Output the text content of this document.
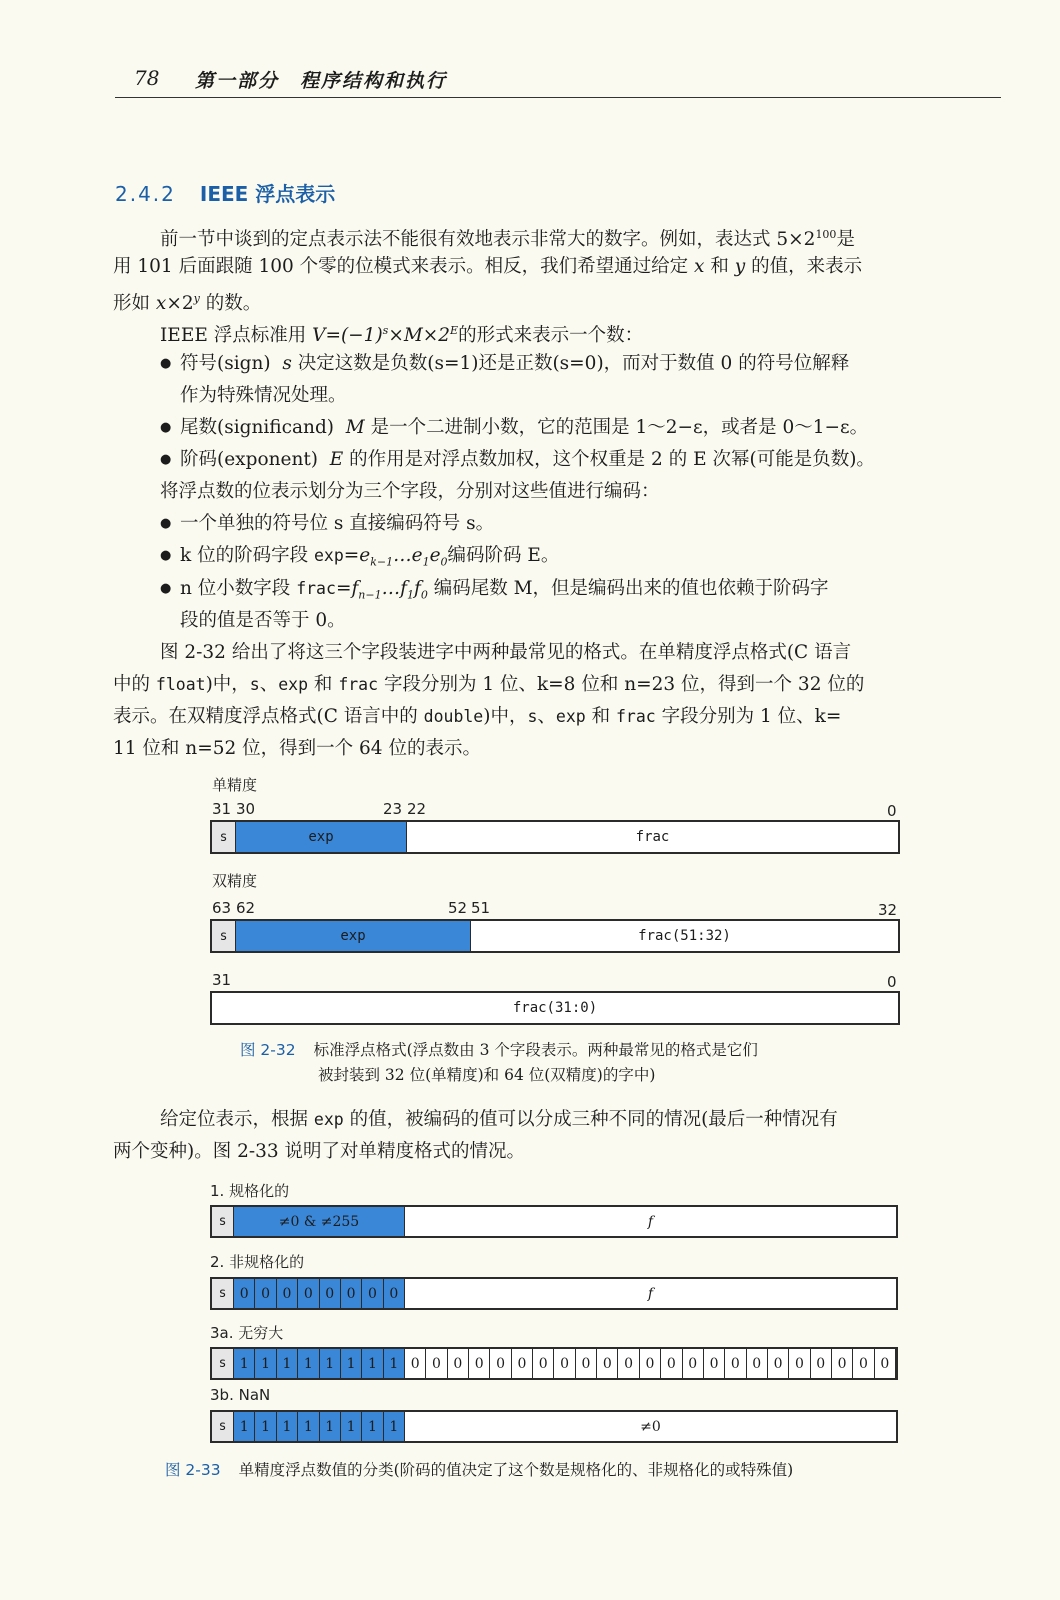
78 第一部分　程序结构和执行
2.4.2 IEEE 浮点表示
前一节中谈到的定点表示法不能很有效地表示非常大的数字。例如，表达式 $5\times 2^{100}$是
用 101 后面跟随 100 个零的位模式来表示。相反，我们希望通过给定 x 和 y 的值，来表示
形如 $x\times 2^y$ 的数。
IEEE 浮点标准用 $V=(-1)^s\times M\times 2^E$的形式来表示一个数：
● 符号(sign) s 决定这数是负数(s=1)还是正数(s=0)，而对于数值 0 的符号位解释
作为特殊情况处理。
● 尾数(significand) M 是一个二进制小数，它的范围是 1～2−ε，或者是 0～1−ε。
● 阶码(exponent) E 的作用是对浮点数加权，这个权重是 2 的 E 次幂(可能是负数)。
将浮点数的位表示划分为三个字段，分别对这些值进行编码：
● 一个单独的符号位 s 直接编码符号 s。
● k 位的阶码字段 $\exp=e_{k-1}\dots e_1e_0$编码阶码 E。
● n 位小数字段 $frac=f_{n-1}\dots f_1f_0$ 编码尾数 M，但是编码出来的值也依赖于阶码字
段的值是否等于 0。
图 2-32 给出了将这三个字段装进字中两种最常见的格式。在单精度浮点格式(C 语言
中的 float)中，s、exp 和 frac 字段分别为 1 位、k=8 位和 n=23 位，得到一个 32 位的
表示。在双精度浮点格式(C 语言中的 double)中，s、exp 和 frac 字段分别为 1 位、k=
11 位和 n=52 位，得到一个 64 位的表示。
单精度
31 30	23 22	0
s	exp	frac
双精度
63 62	52 51	32
s	exp	frac(51:32)
31	0
frac(31:0)
图 2-32 标准浮点格式(浮点数由 3 个字段表示。两种最常见的格式是它们
被封装到 32 位(单精度)和 64 位(双精度)的字中)
给定位表示，根据 exp 的值，被编码的值可以分成三种不同的情况(最后一种情况有
两个变种)。图 2-33 说明了对单精度格式的情况。
1. 规格化的
s	≠0 & ≠255	f
2. 非规格化的
s 0 0 0 0 0 0 0 0	f
3a. 无穷大
s 1 1 1 1 1 1 1 1 0 0 0 0 0 0 0 0 0 0 0 0 0 0 0 0 0 0 0 0 0 0 0
3b. NaN
s 1 1 1 1 1 1 1 1	≠0
图 2-33 单精度浮点数值的分类(阶码的值决定了这个数是规格化的、非规格化的或特殊值)
